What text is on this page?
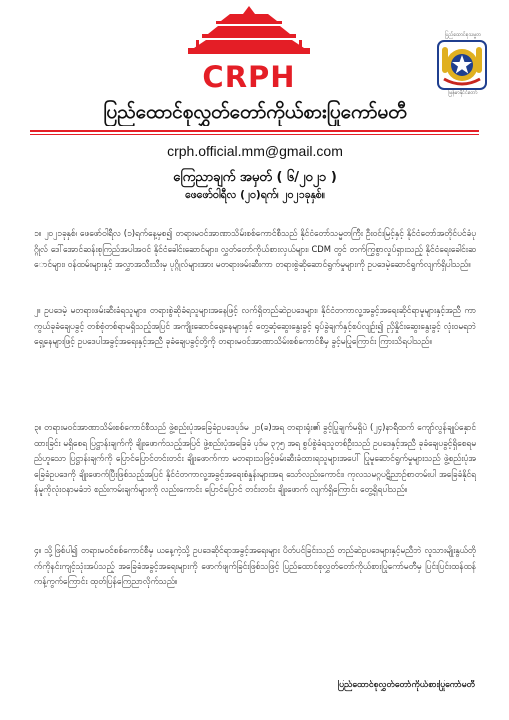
CRPH
ပြည်ထောင်စုသမ္မတ
မြန်မာနိုင်ငံတော်
ပြည်ထောင်စုလွှတ်တော်ကိုယ်စားပြုကော်မတီ
crph.official.mm@gmail.com
ကြေညာချက် အမှတ် ( ၆/၂၀၂၁ )
ဖေဖော်ဝါရီလ (၂၀)ရက်၊ ၂၀၂၁ခုနှစ်။
၁။ ၂၀၂၁ခုနှစ်၊ ဖေဖော်ဝါရီလ (၁)ရက်နေ့မှစ၍ တရားမဝင်အာဏာသိမ်းစစ်ကောင်စီသည် နိုင်ငံတော်သမ္မတကြီး ဦးဝင်းမြင့်နှင့် နိုင်ငံတော်အတိုင်ပင်ခံပုဂ္ဂိုလ် ဒေါ်အောင်ဆန်းစုကြည်အပါအဝင် နိုင်ငံခေါင်းဆောင်များ၊ လွှတ်တော်ကိုယ်စားလှယ်များ၊ CDM တွင် တက်ကြွစွာလှုပ်ရှားသည့် နိုင်ငံရေးခေါင်းဆောင်များ၊ ဝန်ထမ်းများနှင့် အလွှာအသီးသီးမှ ပုဂ္ဂိုလ်များအား မတရားဖမ်းဆီးကာ တရားစွဲဆိုဆောင်ရွက်မှုများကို ဥပဒေမဲ့ဆောင်ရွက်လျက်ရှိပါသည်။
၂။ ဥပဒေမဲ့ မတရားဖမ်းဆီးခံရသူများ၊ တရားစွဲဆိုခံရသူများအနေဖြင့် လက်ရှိတည်ဆဲဥပဒေများ၊ နိုင်ငံတကာလူ့အခွင့်အရေးဆိုင်ရာမူများနှင့်အညီ ကာကွယ်ခုခံချေပခွင့် တစ်စုံတစ်ရာမရှိသည့်အပြင် အကျိုးဆောင်ရှေ့နေများနှင့် တွေ့ဆုံဆွေးနွေးခွင့် ရုပ်ခွဲချက်နှင့်စပ်လျဉ်း၍ ညှိနှိုင်းဆွေးနွေးခွင့် လုံးဝမရဘဲ ရှေ့နေများဖြင့် ဥပဒေပါအခွင့်အရေးနှင့်အညီ ခုခံချေပခွင့်တို့ကို တရားမဝင်အာဏာသိမ်းစစ်ကောင်စီမှ ခွင့်မပြုကြောင်း ကြားသိရပါသည်။
၃။ တရားမဝင်အာဏာသိမ်းစစ်ကောင်စီသည် ဖွဲ့စည်းပုံအခြေခံဥပဒေပုဒ်မ ၂၁(ခ)အရ တရားရုံး၏ ခွင့်ပြုချက်မရှိပဲ (၂၄)နာရီထက် ကျော်လွန်ချုပ်နှောင်ထားခြင်း မရှိစေရ ပြဋ္ဌာန်းချက်ကို ချိုးဖောက်သည့်အပြင် ဖွဲ့စည်းပုံအခြေခံ ပုဒ်မ ၃၇၅ အရ စွပ်စွဲခံရသူတစ်ဦးသည် ဥပဒေနှင့်အညီ ခုခံချေပခွင့်ရှိစေရမည်ဟူသော ပြဋ္ဌာန်းချက်ကို ပြောင်ပြောင်တင်းတင်း ချိုးဖောက်ကာ မတရားသဖြင့်ဖမ်းဆီးခံထားရသူများအပေါ် ပြုမူဆောင်ရွက်မှုများသည် ဖွဲ့စည်းပုံအခြေခံဥပဒေကို ချိုးဖောက်ပြီးဖြစ်သည့်အပြင် နိုင်ငံတကာလူ့အခွင့်အရေးစံနှုန်းများအရ သော်လည်းကောင်း၊ ကုလသမဂ္ဂပဋိညာဉ်စာတမ်းပါ အခြေခံနိုင်ရန်မူကိုလုံးဝနာမခံဘဲ စည်းကမ်းချက်များကို လည်းကောင်း ပြောင်ပြောင် တင်းတင်း ချိုးဖောက် လျက်ရှိကြောင်း တွေ့ရှိရပါသည်။
၄။ သို့ဖြစ်ပါ၍ တရားမဝင်စစ်ကောင်စီမှ ယနေ့ကဲ့သို့ ဥပဒေဆိုင်ရာအခွင့်အရေးများ ပိတ်ပင်ခြင်းသည် တည်ဆဲဥပဒေများနှင့်မညီဘဲ လူသားမျိုးနွယ်တိုက်ကိုနင်းကျင့်သုံးအပ်သည့် အခြေခံအခွင့်အရေးများကို ဖောက်ဖျက်ခြင်းဖြစ်သဖြင့် ပြည်ထောင်စုလွှတ်တော်ကိုယ်စားပြုကော်မတီမှ ပြင်းပြင်းထန်ထန် ကန့်ကွက်ကြောင်း ထုတ်ပြန်ကြေညာလိုက်သည်။
ပြည်ထောင်စုလွှတ်တော်ကိုယ်စားပြုကော်မတီ
